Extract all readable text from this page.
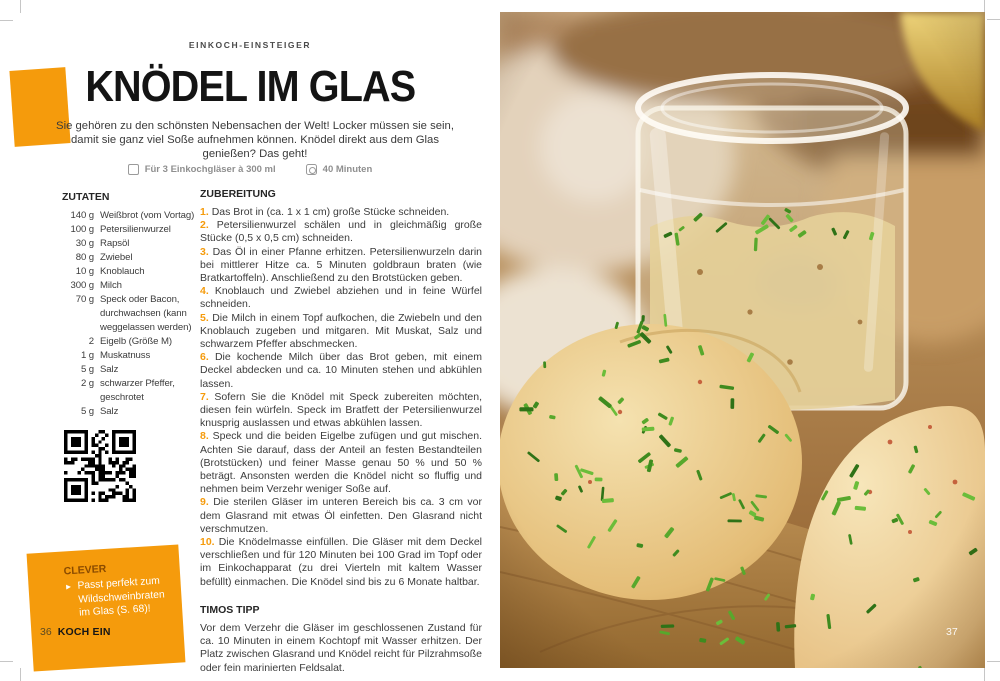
EINKOCH-EINSTEIGER
KNÖDEL IM GLAS
Sie gehören zu den schönsten Nebensachen der Welt! Locker müssen sie sein, damit sie ganz viel Soße aufnehmen können. Knödel direkt aus dem Glas genießen? Das geht!
Für 3 Einkochgläser à 300 ml	40 Minuten
ZUTATEN
140 g Weißbrot (vom Vortag)
100 g Petersilienwurzel
30 g Rapsöl
80 g Zwiebel
10 g Knoblauch
300 g Milch
70 g Speck oder Bacon, durchwachsen (kann weggelassen werden)
2 Eigelb (Größe M)
1 g Muskatnuss
5 g Salz
2 g schwarzer Pfeffer, geschrotet
5 g Salz
ZUBEREITUNG

1. Das Brot in (ca. 1 x 1 cm) große Stücke schneiden.

2. Petersilienwurzel schälen und in gleichmäßig große Stücke (0,5 x 0,5 cm) schneiden.

3. Das Öl in einer Pfanne erhitzen. Petersilienwurzeln darin bei mittlerer Hitze ca. 5 Minuten goldbraun braten (wie Bratkartoffeln). Anschließend zu den Brotstücken geben.

4. Knoblauch und Zwiebel abziehen und in feine Würfel schneiden.

5. Die Milch in einem Topf aufkochen, die Zwiebeln und den Knoblauch zugeben und mitgaren. Mit Muskat, Salz und schwarzem Pfeffer abschmecken.

6. Die kochende Milch über das Brot geben, mit einem Deckel abdecken und ca. 10 Minuten stehen und abkühlen lassen.

7. Sofern Sie die Knödel mit Speck zubereiten möchten, diesen fein würfeln. Speck im Bratfett der Petersilienwurzel knusprig auslassen und etwas abkühlen lassen.

8. Speck und die beiden Eigelbe zufügen und gut mischen. Achten Sie darauf, dass der Anteil an festen Bestandteilen (Brotstücken) und feiner Masse genau 50 % und 50 % beträgt. Ansonsten werden die Knödel nicht so fluffig und nehmen beim Verzehr weniger Soße auf.

9. Die sterilen Gläser im unteren Bereich bis ca. 3 cm vor dem Glasrand mit etwas Öl einfetten. Den Glasrand nicht verschmutzen.

10. Die Knödelmasse einfüllen. Die Gläser mit dem Deckel verschließen und für 120 Minuten bei 100 Grad im Topf oder im Einkochapparat (zu drei Vierteln mit kaltem Wasser befüllt) einmachen. Die Knödel sind bis zu 6 Monate haltbar.

TIMOS TIPP

Vor dem Verzehr die Gläser im geschlossenen Zustand für ca. 10 Minuten in einem Kochtopf mit Wasser erhitzen. Der Platz zwischen Glasrand und Knödel reicht für Pilzrahmsoße oder fein marinierten Feldsalat.

CLEVER
► Passt perfekt zum Wildschweinbraten im Glas (S. 68)!
36 KOCH EIN	37
